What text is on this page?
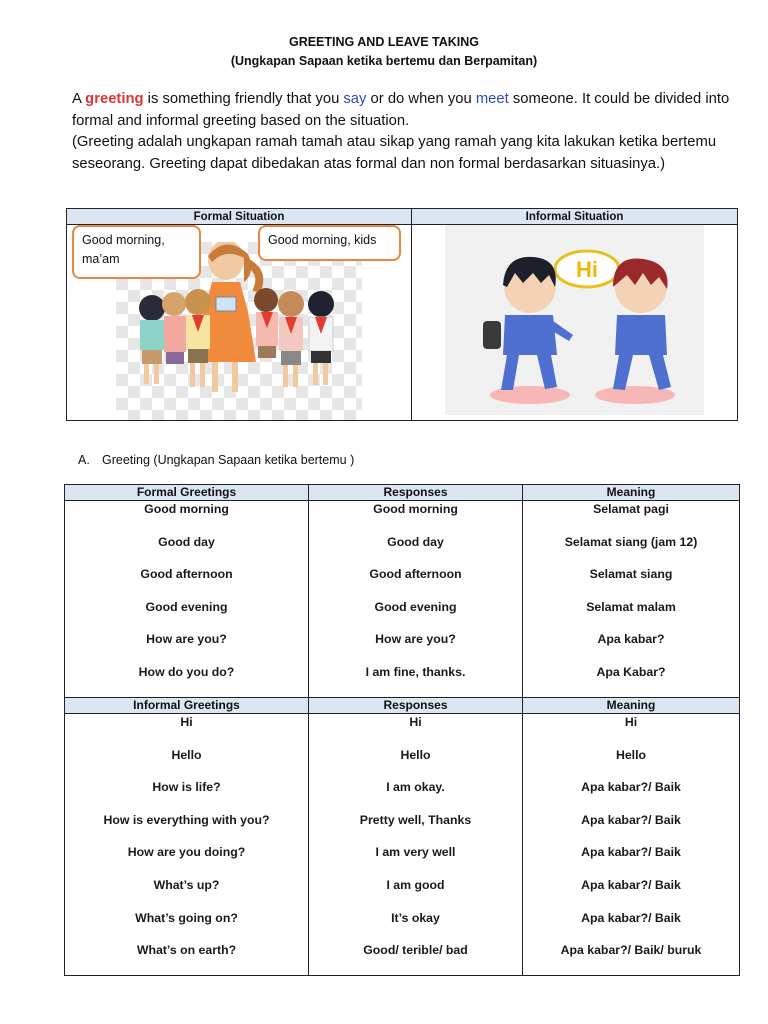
GREETING AND LEAVE TAKING
(Ungkapan Sapaan ketika bertemu dan Berpamitan)
A greeting is something friendly that you say or do when you meet someone. It could be divided into formal and informal greeting based on the situation.
(Greeting adalah ungkapan ramah tamah atau sikap yang ramah yang kita lakukan ketika bertemu seseorang. Greeting dapat dibedakan atas formal dan non formal berdasarkan situasinya.)
Formal Situation	Informal Situation
Good morning, ma’am
Good morning, kids
Hi
A. Greeting (Ungkapan Sapaan ketika bertemu )
Formal Greetings	Responses	Meaning
Good morning	Good morning	Selamat pagi
Good day	Good day	Selamat siang (jam 12)
Good afternoon	Good afternoon	Selamat siang
Good evening	Good evening	Selamat malam
How are you?	How are you?	Apa kabar?
How do you do?	I am fine, thanks.	Apa Kabar?
Informal Greetings	Responses	Meaning
Hi	Hi	Hi
Hello	Hello	Hello
How is life?	I am okay.	Apa kabar?/ Baik
How is everything with you?	Pretty well, Thanks	Apa kabar?/ Baik
How are you doing?	I am very well	Apa kabar?/ Baik
What’s up?	I am good	Apa kabar?/ Baik
What’s going on?	It’s okay	Apa kabar?/ Baik
What’s on earth?	Good/ terible/ bad	Apa kabar?/ Baik/ buruk
